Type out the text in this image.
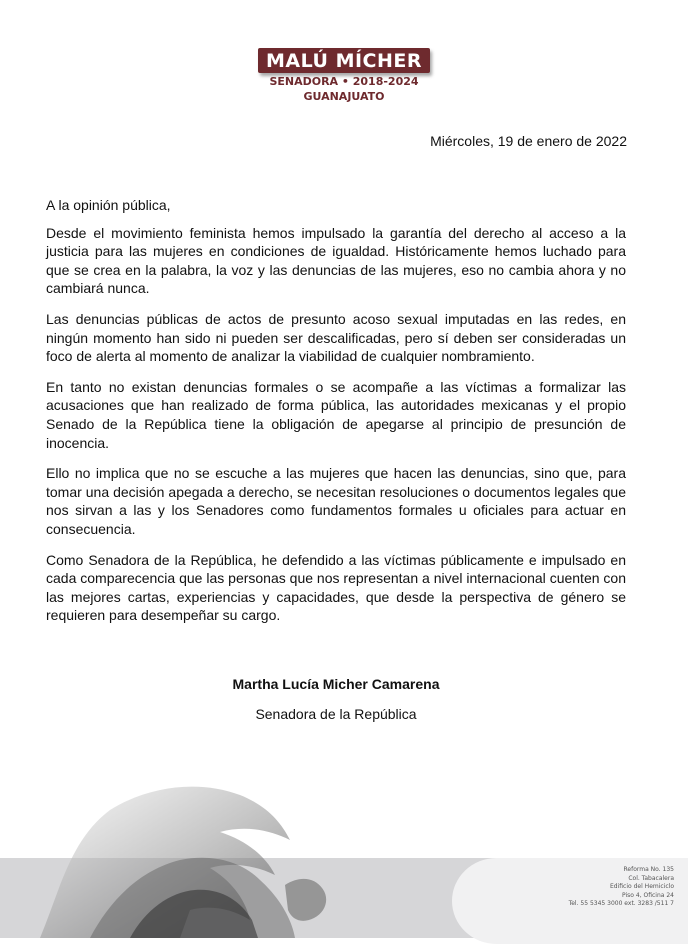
MALÚ MÍCHER
SENADORA • 2018-2024
GUANAJUATO
Miércoles, 19 de enero de 2022

A la opinión pública,

Desde el movimiento feminista hemos impulsado la garantía del derecho al acceso a la justicia para las mujeres en condiciones de igualdad. Históricamente hemos luchado para que se crea en la palabra, la voz y las denuncias de las mujeres, eso no cambia ahora y no cambiará nunca.

Las denuncias públicas de actos de presunto acoso sexual imputadas en las redes, en ningún momento han sido ni pueden ser descalificadas, pero sí deben ser consideradas un foco de alerta al momento de analizar la viabilidad de cualquier nombramiento.

En tanto no existan denuncias formales o se acompañe a las víctimas a formalizar las acusaciones que han realizado de forma pública, las autoridades mexicanas y el propio Senado de la República tiene la obligación de apegarse al principio de presunción de inocencia.

Ello no implica que no se escuche a las mujeres que hacen las denuncias, sino que, para tomar una decisión apegada a derecho, se necesitan resoluciones o documentos legales que nos sirvan a las y los Senadores como fundamentos formales u oficiales para actuar en consecuencia.

Como Senadora de la República, he defendido a las víctimas públicamente e impulsado en cada comparecencia que las personas que nos representan a nivel internacional cuenten con las mejores cartas, experiencias y capacidades, que desde la perspectiva de género se requieren para desempeñar su cargo.

Martha Lucía Micher Camarena
Senadora de la República
Reforma No. 135
Col. Tabacalera
Edificio del Hemiciclo
Piso 4, Oficina 24
Tel. 55 5345 3000 ext. 3283 /511 7
